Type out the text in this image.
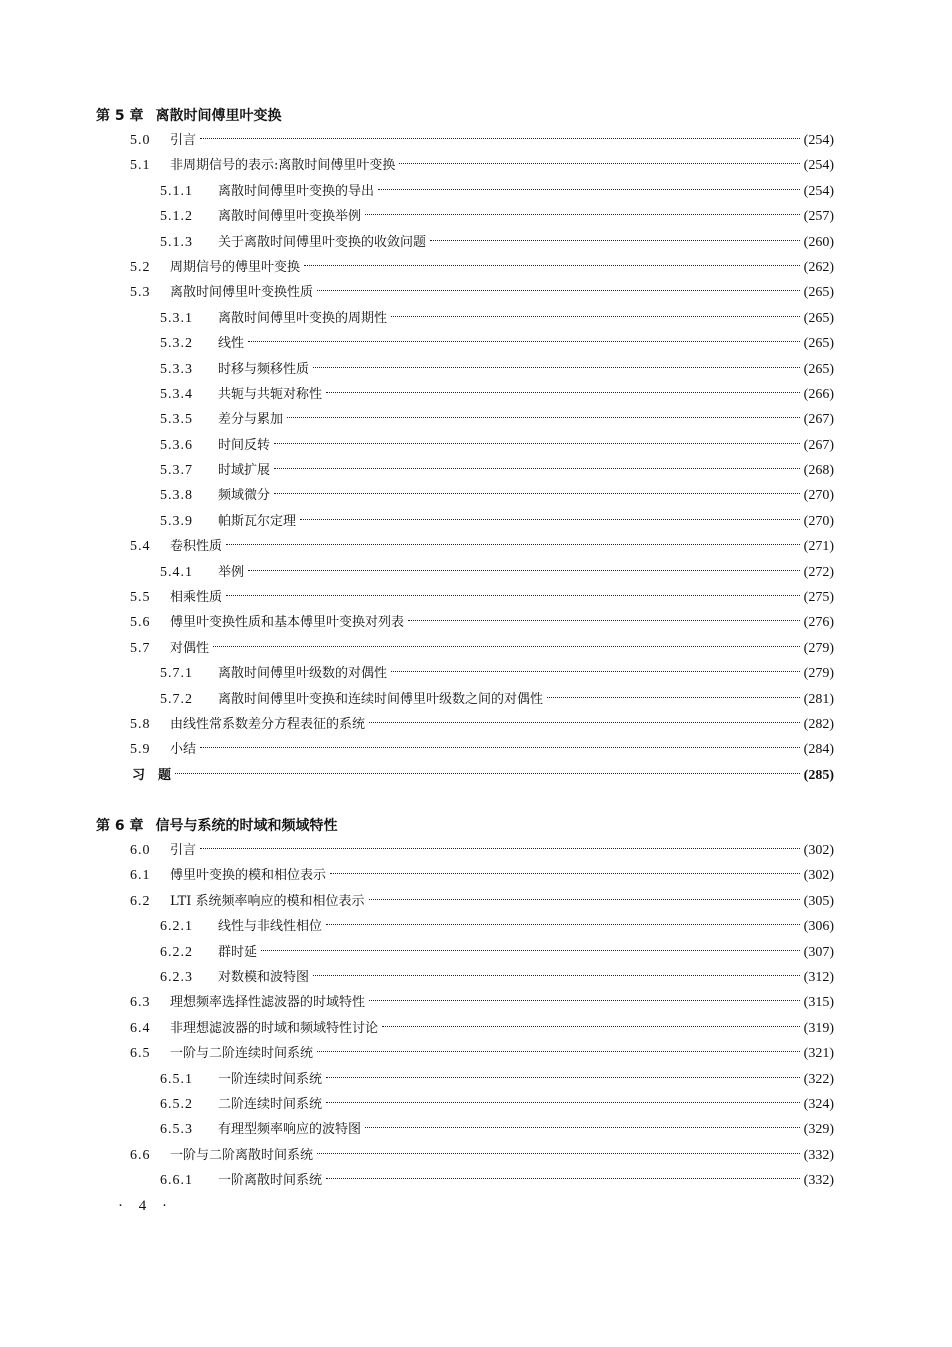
第 5 章 离散时间傅里叶变换
5.0	引言	(254)
5.1	非周期信号的表示:离散时间傅里叶变换	(254)
5.1.1	离散时间傅里叶变换的导出	(254)
5.1.2	离散时间傅里叶变换举例	(257)
5.1.3	关于离散时间傅里叶变换的收敛问题	(260)
5.2	周期信号的傅里叶变换	(262)
5.3	离散时间傅里叶变换性质	(265)
5.3.1	离散时间傅里叶变换的周期性	(265)
5.3.2	线性	(265)
5.3.3	时移与频移性质	(265)
5.3.4	共轭与共轭对称性	(266)
5.3.5	差分与累加	(267)
5.3.6	时间反转	(267)
5.3.7	时域扩展	(268)
5.3.8	频域微分	(270)
5.3.9	帕斯瓦尔定理	(270)
5.4	卷积性质	(271)
5.4.1	举例	(272)
5.5	相乘性质	(275)
5.6	傅里叶变换性质和基本傅里叶变换对列表	(276)
5.7	对偶性	(279)
5.7.1	离散时间傅里叶级数的对偶性	(279)
5.7.2	离散时间傅里叶变换和连续时间傅里叶级数之间的对偶性	(281)
5.8	由线性常系数差分方程表征的系统	(282)
5.9	小结	(284)
习　题	(285)
第 6 章 信号与系统的时域和频域特性
6.0	引言	(302)
6.1	傅里叶变换的模和相位表示	(302)
6.2	LTI 系统频率响应的模和相位表示	(305)
6.2.1	线性与非线性相位	(306)
6.2.2	群时延	(307)
6.2.3	对数模和波特图	(312)
6.3	理想频率选择性滤波器的时域特性	(315)
6.4	非理想滤波器的时域和频域特性讨论	(319)
6.5	一阶与二阶连续时间系统	(321)
6.5.1	一阶连续时间系统	(322)
6.5.2	二阶连续时间系统	(324)
6.5.3	有理型频率响应的波特图	(329)
6.6	一阶与二阶离散时间系统	(332)
6.6.1	一阶离散时间系统	(332)
· 4 ·
